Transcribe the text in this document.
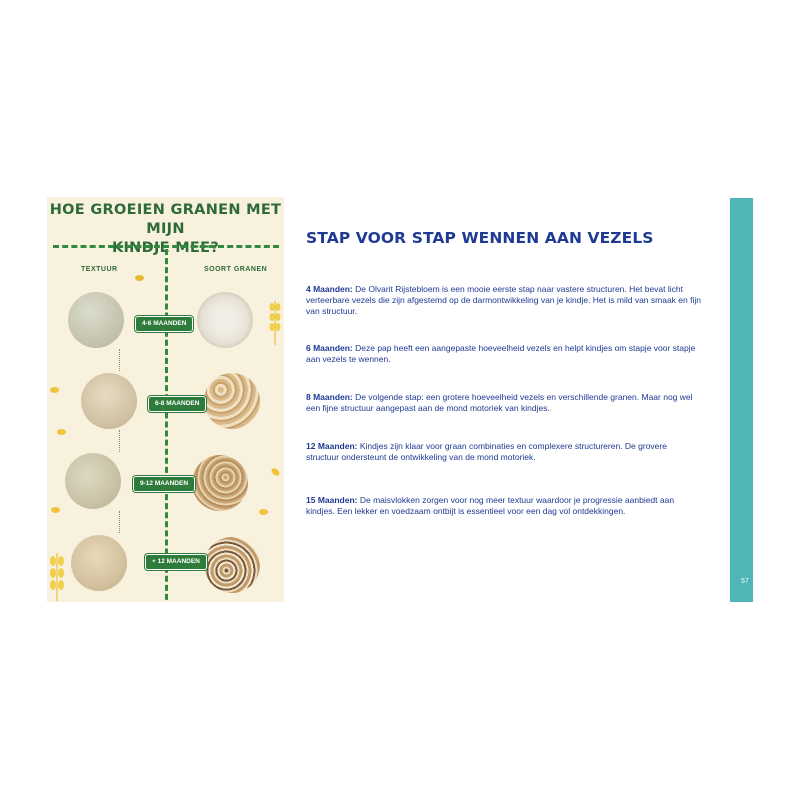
HOE GROEIEN GRANEN MET MIJN
KINDJE MEE?
TEXTUUR	SOORT GRANEN
4-6 MAANDEN
6-8 MAANDEN
9-12 MAANDEN
+ 12 MAANDEN
STAP VOOR STAP WENNEN AAN VEZELS
4 Maanden: De Olvarit Rijstebloem is een mooie eerste stap naar vastere structuren. Het bevat licht verteerbare vezels die zijn afgestemd op de darmontwikkeling van je kindje. Het is mild van smaak en fijn van structuur.
6 Maanden: Deze pap heeft een aangepaste hoeveelheid vezels en helpt kindjes om stapje voor stapje aan vezels te wennen.
8 Maanden: De volgende stap: een grotere hoeveelheid vezels en verschillende granen. Maar nog wel een fijne structuur aangepast aan de mond motoriek van kindjes.
12 Maanden: Kindjes zijn klaar voor graan combinaties en complexere structureren. De grovere structuur ondersteunt de ontwikkeling van de mond motoriek.
15 Maanden: De maisvlokken zorgen voor nog meer textuur waardoor je progressie aanbiedt aan kindjes. Een lekker en voedzaam ontbijt is essentieel voor een dag vol ontdekkingen.
57
